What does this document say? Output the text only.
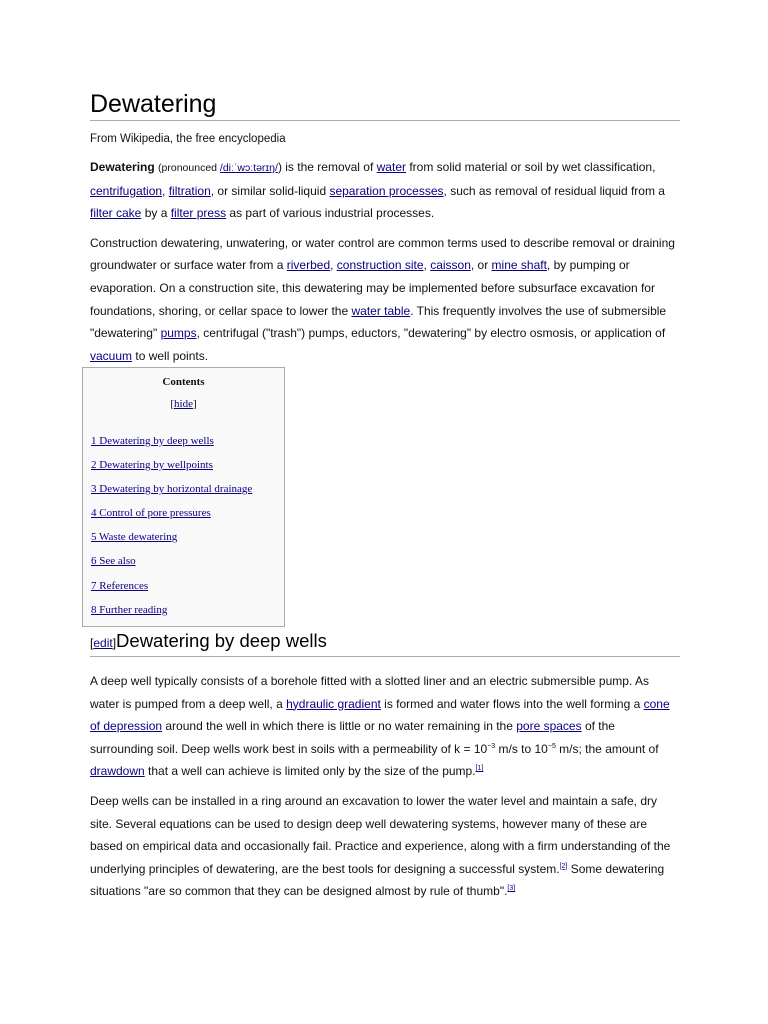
Dewatering
From Wikipedia, the free encyclopedia

Dewatering (pronounced /diːˈwɔːtərɪŋ/) is the removal of water from solid material or soil by wet classification, centrifugation, filtration, or similar solid-liquid separation processes, such as removal of residual liquid from a filter cake by a filter press as part of various industrial processes.

Construction dewatering, unwatering, or water control are common terms used to describe removal or draining groundwater or surface water from a riverbed, construction site, caisson, or mine shaft, by pumping or evaporation. On a construction site, this dewatering may be implemented before subsurface excavation for foundations, shoring, or cellar space to lower the water table. This frequently involves the use of submersible "dewatering" pumps, centrifugal ("trash") pumps, eductors, "dewatering" by electro osmosis, or application of vacuum to well points.

Contents
[hide]
1 Dewatering by deep wells
2 Dewatering by wellpoints
3 Dewatering by horizontal drainage
4 Control of pore pressures
5 Waste dewatering
6 See also
7 References
8 Further reading
[edit]Dewatering by deep wells

A deep well typically consists of a borehole fitted with a slotted liner and an electric submersible pump. As water is pumped from a deep well, a hydraulic gradient is formed and water flows into the well forming a cone of depression around the well in which there is little or no water remaining in the pore spaces of the surrounding soil. Deep wells work best in soils with a permeability of $k = 10^{-3}$ m/s to $10^{-5}$ m/s; the amount of drawdown that a well can achieve is limited only by the size of the pump.[1]

Deep wells can be installed in a ring around an excavation to lower the water level and maintain a safe, dry site. Several equations can be used to design deep well dewatering systems, however many of these are based on empirical data and occasionally fail. Practice and experience, along with a firm understanding of the underlying principles of dewatering, are the best tools for designing a successful system.[2] Some dewatering situations "are so common that they can be designed almost by rule of thumb".[3]
